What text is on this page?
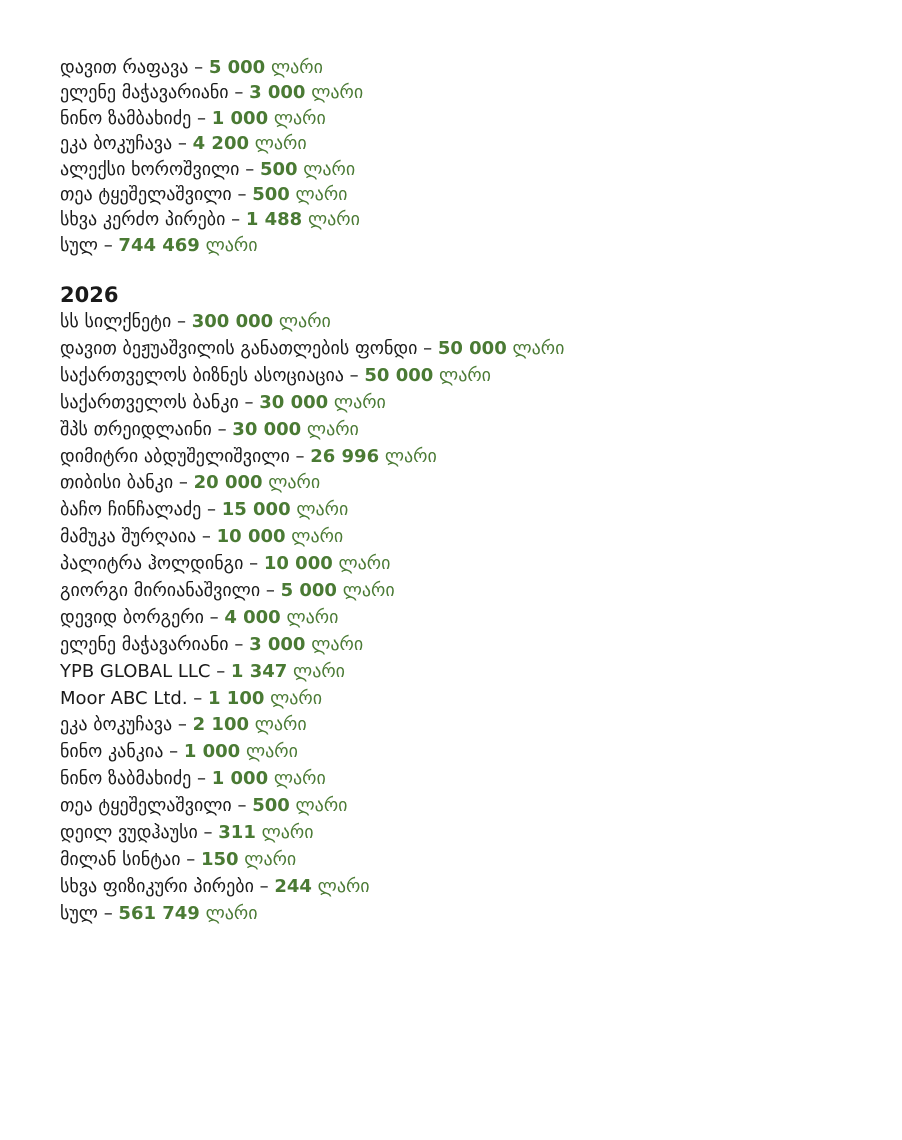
დავით რაფავა – 5 000 ლარი
ელენე მაჭავარიანი – 3 000 ლარი
ნინო ზამბახიძე – 1 000 ლარი
ეკა ბოკუჩავა – 4 200 ლარი
ალექსი ხოროშვილი – 500 ლარი
თეა ტყეშელაშვილი – 500 ლარი
სხვა კერძო პირები – 1 488 ლარი
სულ – 744 469 ლარი
2026
სს სილქნეტი – 300 000 ლარი
დავით ბეჟუაშვილის განათლების ფონდი – 50 000 ლარი
საქართველოს ბიზნეს ასოციაცია – 50 000 ლარი
საქართველოს ბანკი – 30 000 ლარი
შპს თრეიდლაინი – 30 000 ლარი
დიმიტრი აბდუშელიშვილი – 26 996 ლარი
თიბისი ბანკი – 20 000 ლარი
ბაჩო ჩინჩალაძე – 15 000 ლარი
მამუკა შურღაია – 10 000 ლარი
პალიტრა ჰოლდინგი – 10 000 ლარი
გიორგი მირიანაშვილი – 5 000 ლარი
დევიდ ბორგერი – 4 000 ლარი
ელენე მაჭავარიანი – 3 000 ლარი
YPB GLOBAL LLC – 1 347 ლარი
Moor ABC Ltd. – 1 100 ლარი
ეკა ბოკუჩავა – 2 100 ლარი
ნინო კანკია – 1 000 ლარი
ნინო ზაბმახიძე – 1 000 ლარი
თეა ტყეშელაშვილი – 500 ლარი
დეილ ვუდჰაუსი – 311 ლარი
მილან სინტაი – 150 ლარი
სხვა ფიზიკური პირები – 244 ლარი
სულ – 561 749 ლარი
